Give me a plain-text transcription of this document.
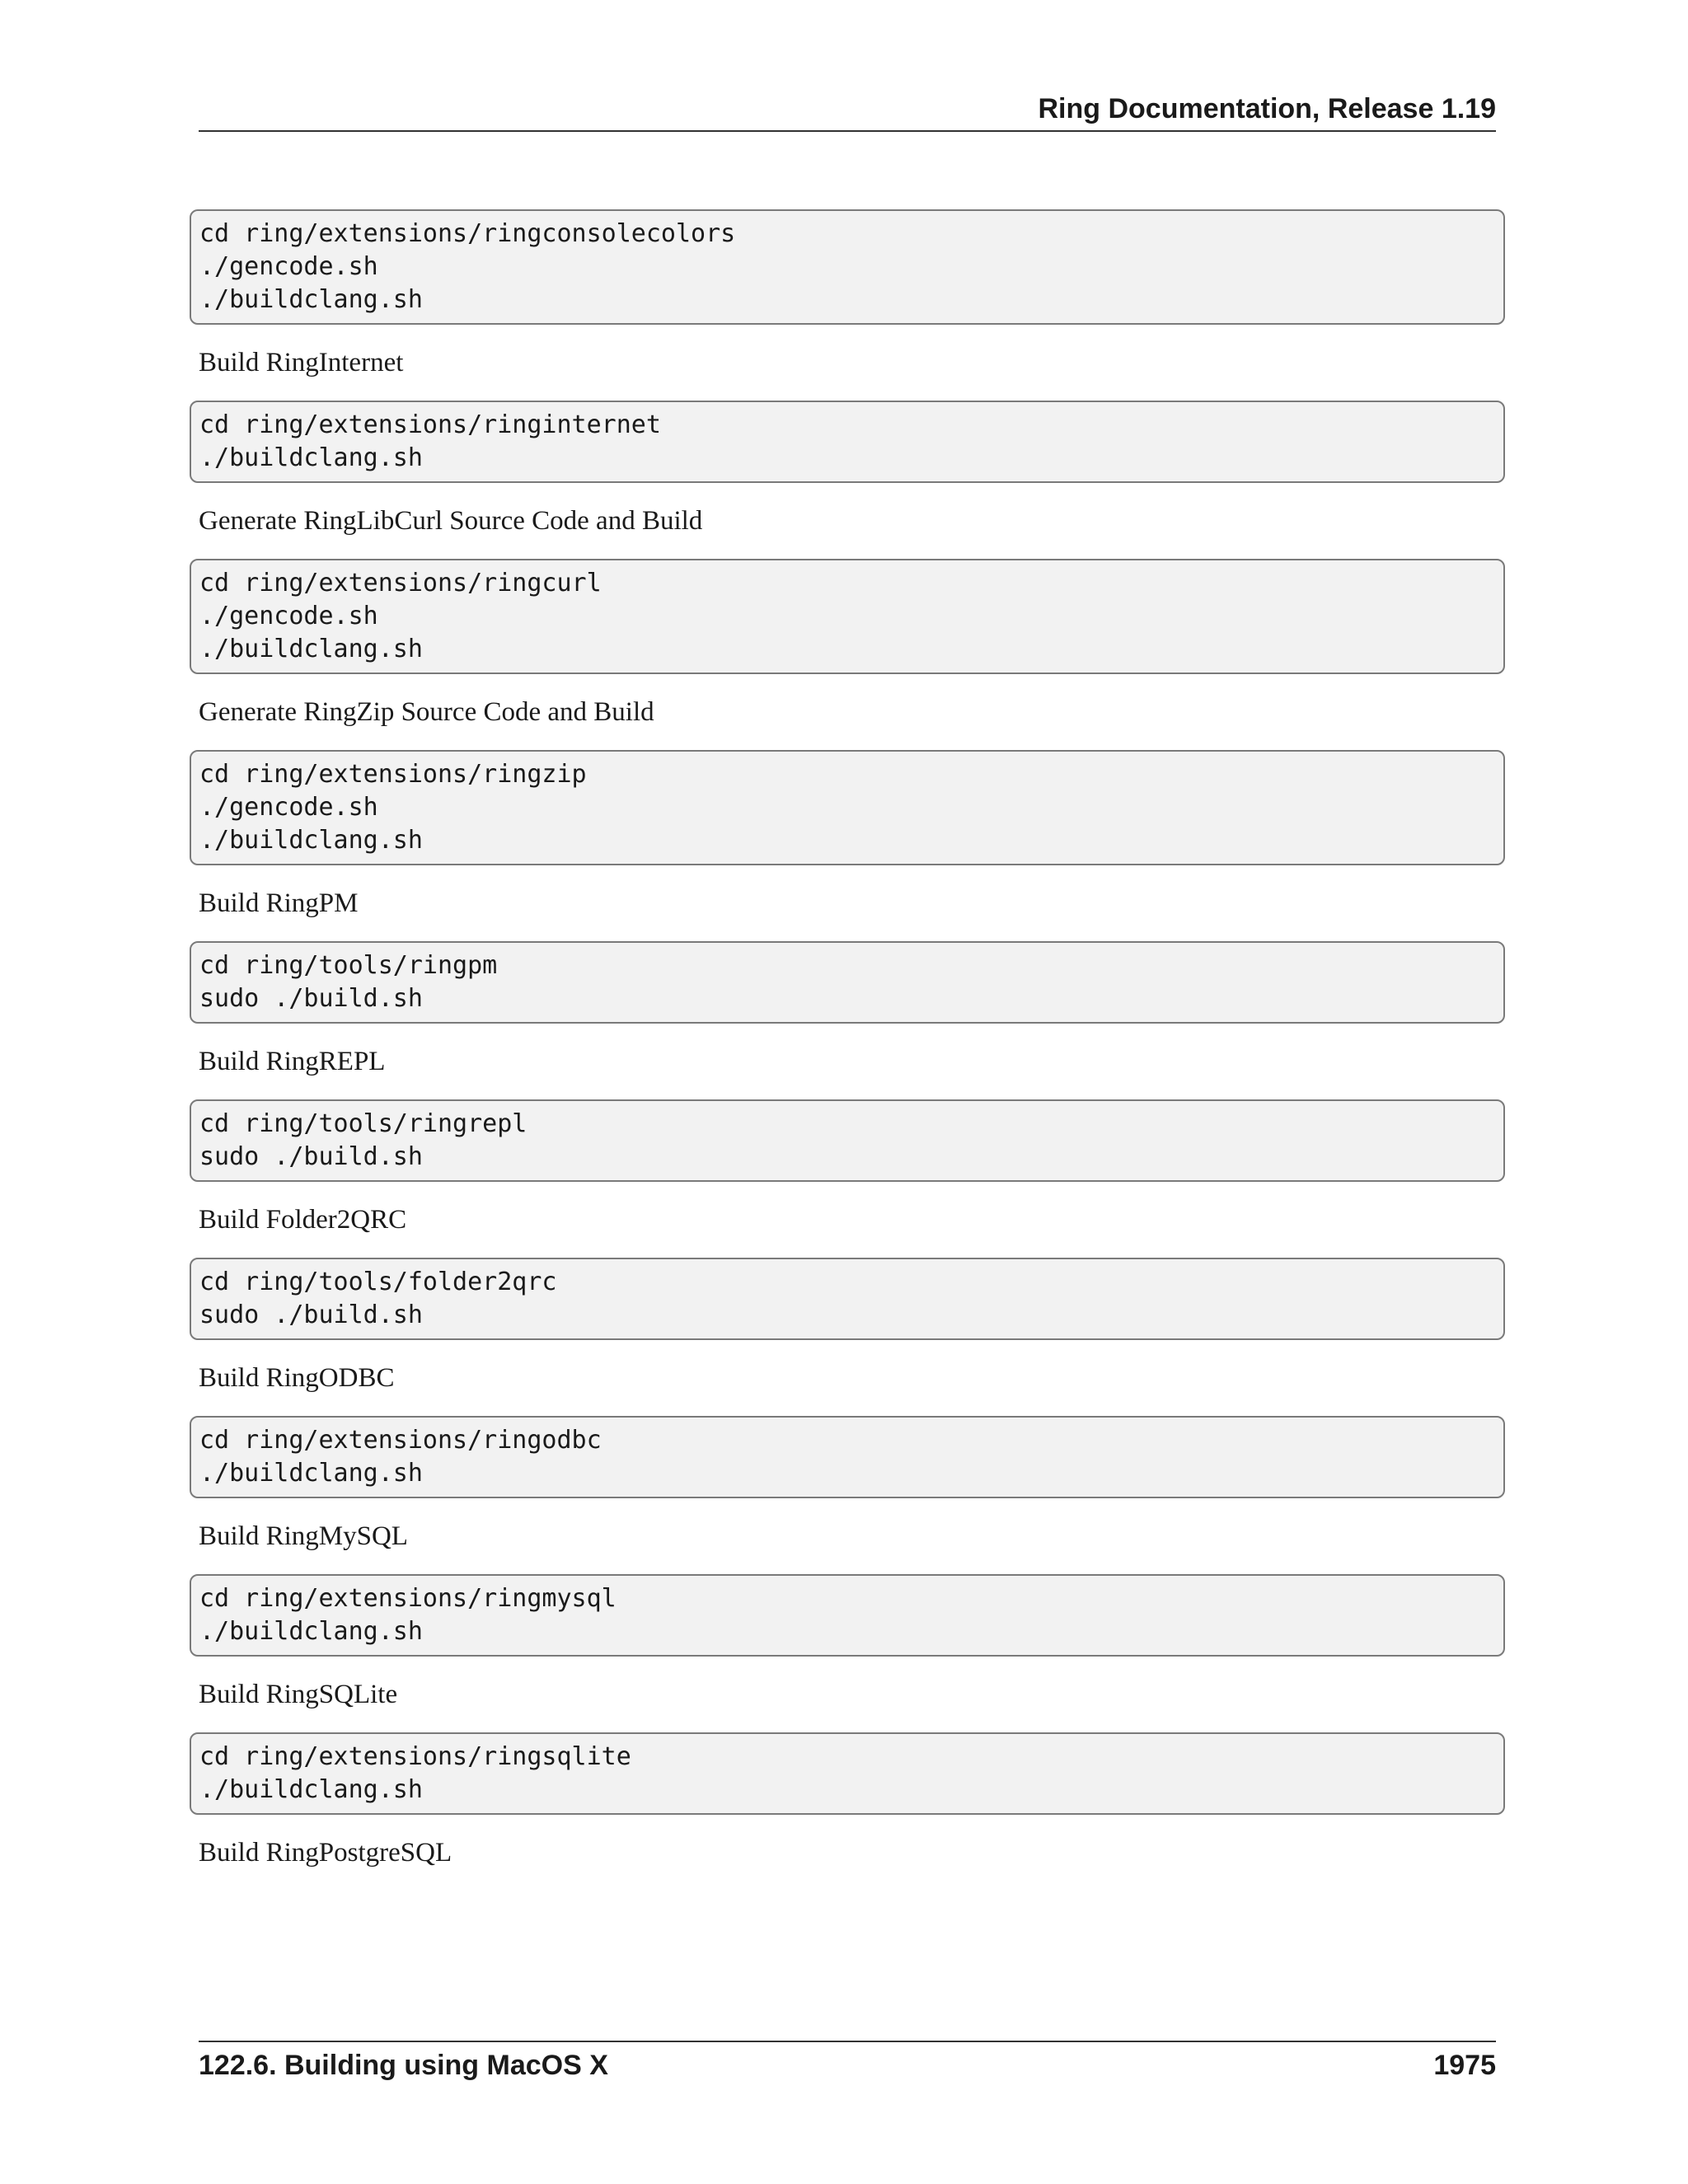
Ring Documentation, Release 1.19
cd ring/extensions/ringconsolecolors
./gencode.sh
./buildclang.sh

Build RingInternet

cd ring/extensions/ringinternet
./buildclang.sh

Generate RingLibCurl Source Code and Build

cd ring/extensions/ringcurl
./gencode.sh
./buildclang.sh

Generate RingZip Source Code and Build

cd ring/extensions/ringzip
./gencode.sh
./buildclang.sh

Build RingPM

cd ring/tools/ringpm
sudo ./build.sh

Build RingREPL

cd ring/tools/ringrepl
sudo ./build.sh

Build Folder2QRC

cd ring/tools/folder2qrc
sudo ./build.sh

Build RingODBC

cd ring/extensions/ringodbc
./buildclang.sh

Build RingMySQL

cd ring/extensions/ringmysql
./buildclang.sh

Build RingSQLite

cd ring/extensions/ringsqlite
./buildclang.sh

Build RingPostgreSQL

122.6. Building using MacOS X	1975
